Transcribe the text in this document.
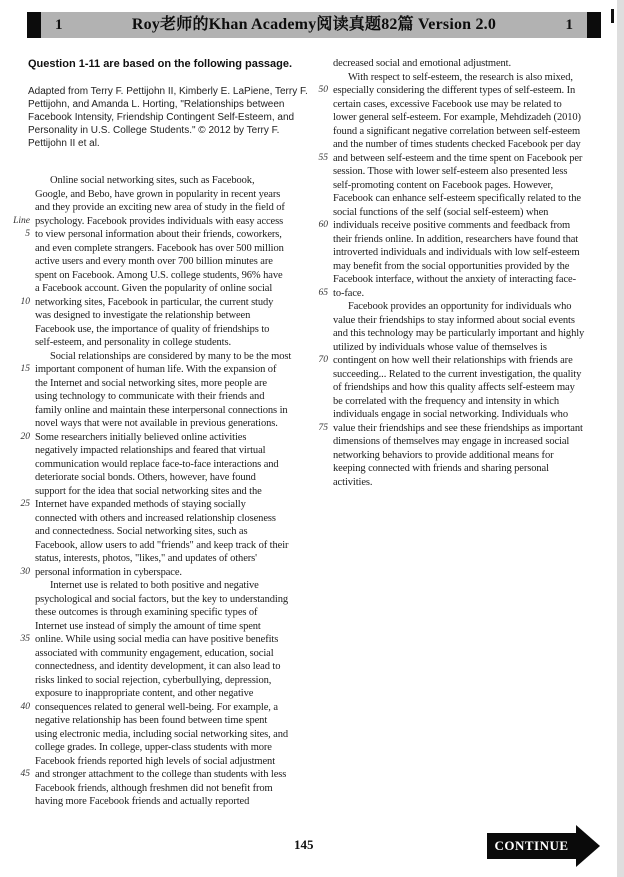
1	Roy老师的Khan Academy阅读真题82篇 Version 2.0	1
Question 1-11 are based on the following passage.
Adapted from Terry F. Pettijohn II, Kimberly E. LaPiene, Terry F. Pettijohn, and Amanda L. Horting, "Relationships between Facebook Intensity, Friendship Contingent Self-Esteem, and Personality in U.S. College Students." © 2012 by Terry F. Pettijohn II et al.
Online social networking sites, such as Facebook,
Google, and Bebo, have grown in popularity in recent years
and they provide an exciting new area of study in the field of
Line psychology. Facebook provides individuals with easy access
5 to view personal information about their friends, coworkers,
and even complete strangers. Facebook has over 500 million
active users and every month over 700 billion minutes are
spent on Facebook. Among U.S. college students, 96% have
a Facebook account. Given the popularity of online social
10 networking sites, Facebook in particular, the current study
was designed to investigate the relationship between
Facebook use, the importance of quality of friendships to
self-esteem, and personality in college students.
Social relationships are considered by many to be the most
15 important component of human life. With the expansion of
the Internet and social networking sites, more people are
using technology to communicate with their friends and
family online and maintain these interpersonal connections in
novel ways that were not available in previous generations.
20 Some researchers initially believed online activities
negatively impacted relationships and feared that virtual
communication would replace face-to-face interactions and
deteriorate social bonds. Others, however, have found
support for the idea that social networking sites and the
25 Internet have expanded methods of staying socially
connected with others and increased relationship closeness
and connectedness. Social networking sites, such as
Facebook, allow users to add "friends" and keep track of their
status, interests, photos, "likes," and updates of others'
30 personal information in cyberspace.
Internet use is related to both positive and negative
psychological and social factors, but the key to understanding
these outcomes is through examining specific types of
Internet use instead of simply the amount of time spent
35 online. While using social media can have positive benefits
associated with community engagement, education, social
connectedness, and identity development, it can also lead to
risks linked to social rejection, cyberbullying, depression,
exposure to inappropriate content, and other negative
40 consequences related to general well-being. For example, a
negative relationship has been found between time spent
using electronic media, including social networking sites, and
college grades. In college, upper-class students with more
Facebook friends reported high levels of social adjustment
45 and stronger attachment to the college than students with less
Facebook friends, although freshmen did not benefit from
having more Facebook friends and actually reported
decreased social and emotional adjustment.
With respect to self-esteem, the research is also mixed,
50 especially considering the different types of self-esteem. In
certain cases, excessive Facebook use may be related to
lower general self-esteem. For example, Mehdizadeh (2010)
found a significant negative correlation between self-esteem
and the number of times students checked Facebook per day
55 and between self-esteem and the time spent on Facebook per
session. Those with lower self-esteem also presented less
self-promoting content on Facebook pages. However,
Facebook can enhance self-esteem specifically related to the
social functions of the self (social self-esteem) when
60 individuals receive positive comments and feedback from
their friends online. In addition, researchers have found that
introverted individuals and individuals with low self-esteem
may benefit from the social opportunities provided by the
Facebook interface, without the anxiety of interacting face-
65 to-face.
Facebook provides an opportunity for individuals who
value their friendships to stay informed about social events
and this technology may be particularly important and highly
utilized by individuals whose value of themselves is
70 contingent on how well their relationships with friends are
succeeding... Related to the current investigation, the quality
of friendships and how this quality affects self-esteem may
be correlated with the frequency and intensity in which
individuals engage in social networking. Individuals who
75 value their friendships and see these friendships as important
dimensions of themselves may engage in increased social
networking behaviors to provide additional means for
keeping connected with friends and sharing personal
activities.
145	CONTINUE
